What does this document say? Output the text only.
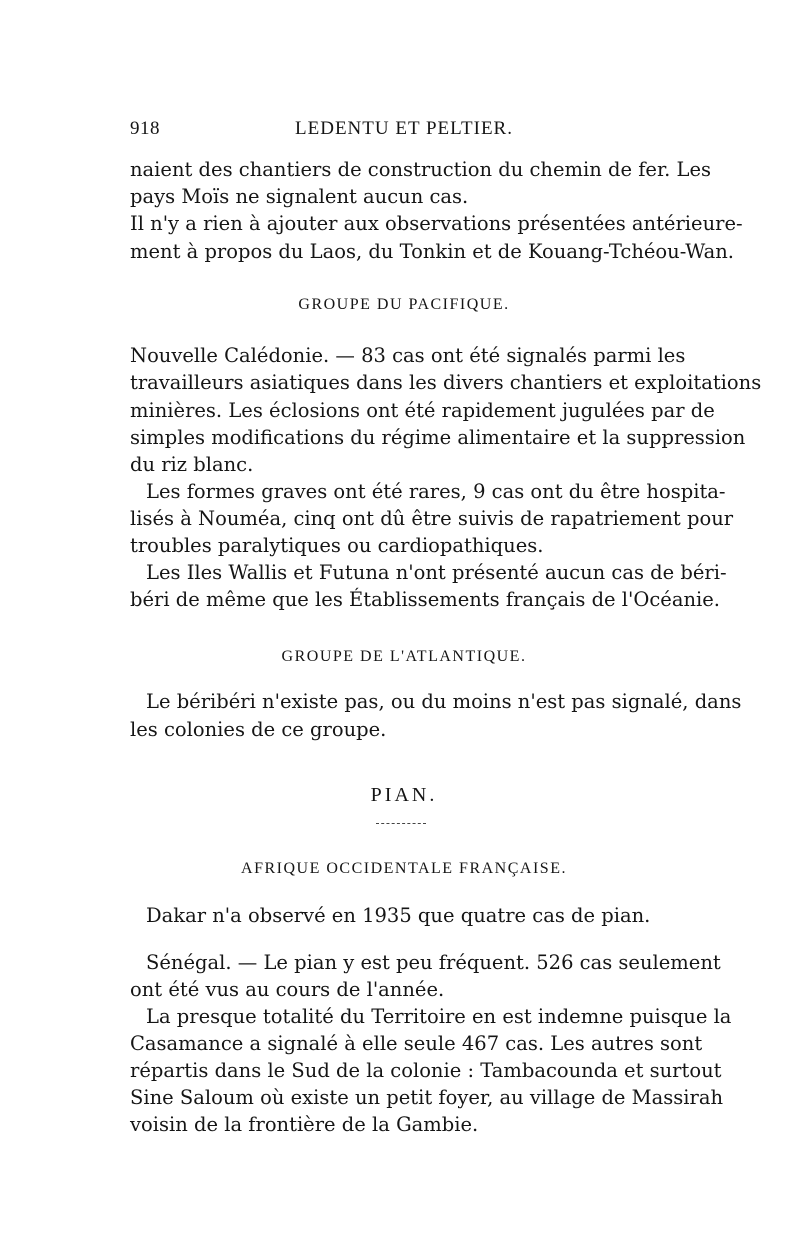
918	LEDENTU ET PELTIER.
naient des chantiers de construction du chemin de fer. Les
pays Moïs ne signalent aucun cas.
Il n'y a rien à ajouter aux observations présentées antérieure-
ment à propos du Laos, du Tonkin et de Kouang-Tchéou-Wan.
GROUPE DU PACIFIQUE.
Nouvelle Calédonie. — 83 cas ont été signalés parmi les
travailleurs asiatiques dans les divers chantiers et exploitations
minières. Les éclosions ont été rapidement jugulées par de
simples modifications du régime alimentaire et la suppression
du riz blanc.
Les formes graves ont été rares, 9 cas ont du être hospita-
lisés à Nouméa, cinq ont dû être suivis de rapatriement pour
troubles paralytiques ou cardiopathiques.
Les Iles Wallis et Futuna n'ont présenté aucun cas de béri-
béri de même que les Établissements français de l'Océanie.
GROUPE DE L'ATLANTIQUE.
Le béribéri n'existe pas, ou du moins n'est pas signalé, dans
les colonies de ce groupe.
PIAN.
AFRIQUE OCCIDENTALE FRANÇAISE.
Dakar n'a observé en 1935 que quatre cas de pian.
Sénégal. — Le pian y est peu fréquent. 526 cas seulement
ont été vus au cours de l'année.
La presque totalité du Territoire en est indemne puisque la
Casamance a signalé à elle seule 467 cas. Les autres sont
répartis dans le Sud de la colonie : Tambacounda et surtout
Sine Saloum où existe un petit foyer, au village de Massirah
voisin de la frontière de la Gambie.
